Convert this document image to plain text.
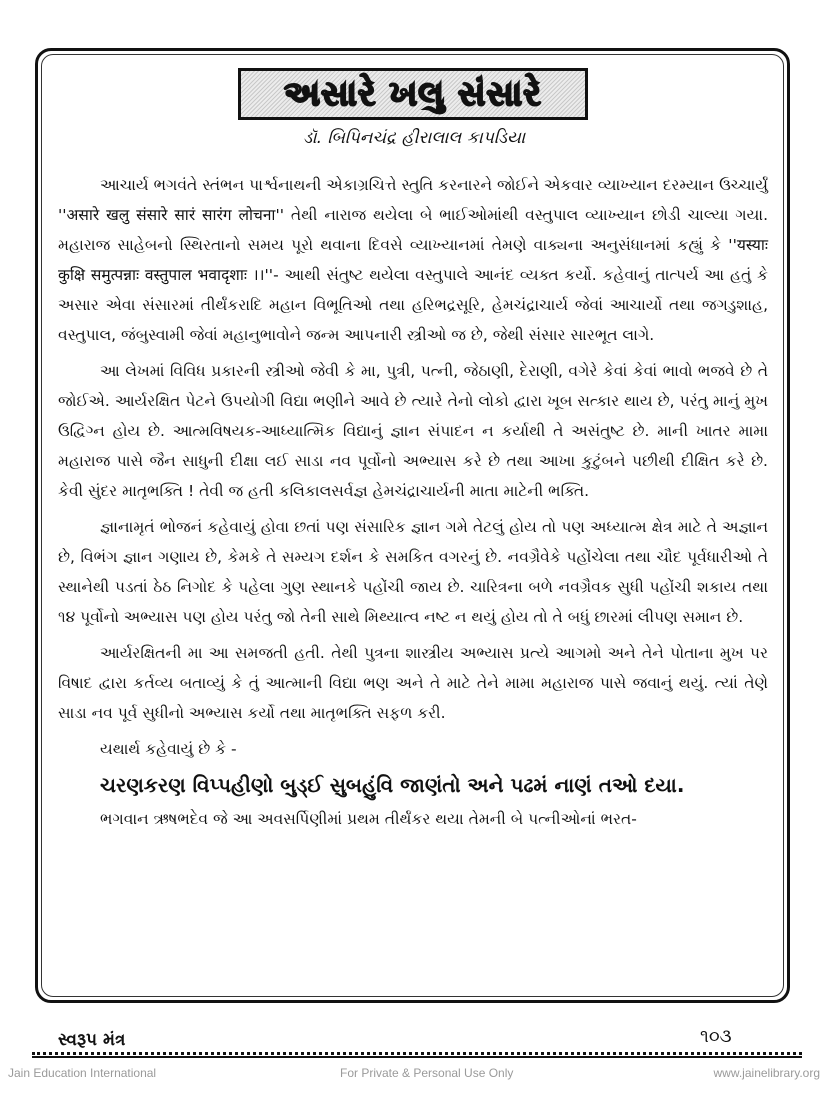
અસારે ખલુ સંસારે
ડૉ. બિપિનચંદ્ર હીરાલાલ કાપડિયા

આચાર્ય ભગવંતે સ્તંભન પાર્શ્વનાથની એકાગ્રચિત્તે સ્તુતિ કરનારને જોઈને એકવાર વ્યાખ્યાન દરમ્યાન ઉચ્ચાર્યું ''असारे खलु संसारे सारं सारंग लोचना'' તેથી નારાજ થયેલા બે ભાઈઓમાંથી વસ્તુપાલ વ્યાખ્યાન છોડી ચાલ્યા ગયા. મહારાજ સાહેબનો સ્થિરતાનો સમય પૂરો થવાના દિવસે વ્યાખ્યાનમાં તેમણે વાક્યના અનુસંધાનમાં કહ્યું કે ''यस्याः कुक्षि समुत्पन्नाः वस्तुपाल भवादृशाः ।।''- આથી સંતુષ્ટ થયેલા વસ્તુપાલે આનંદ વ્યક્ત કર્યો. કહેવાનું તાત્પર્ય આ હતું કે અસાર એવા સંસારમાં તીર્થંકરાદિ મહાન વિભૂતિઓ તથા હરિભદ્રસૂરિ, હેમચંદ્રાચાર્ય જેવાં આચાર્યો તથા જગડુશાહ, વસ્તુપાલ, જંબુસ્વામી જેવાં મહાનુભાવોને જન્મ આપનારી સ્ત્રીઓ જ છે, જેથી સંસાર સારભૂત લાગે.

આ લેખમાં વિવિધ પ્રકારની સ્ત્રીઓ જેવી કે મા, પુત્રી, પત્ની, જેઠાણી, દેરાણી, વગેરે કેવાં કેવાં ભાવો ભજવે છે તે જોઈએ. આર્યરક્ષિત પેટને ઉપયોગી વિદ્યા ભણીને આવે છે ત્યારે તેનો લોકો દ્વારા ખૂબ સત્કાર થાય છે, પરંતુ માનું મુખ ઉદ્વિગ્ન હોય છે. આત્મવિષયક-આધ્યાત્મિક વિદ્યાનું જ્ઞાન સંપાદન ન કર્યાથી તે અસંતુષ્ટ છે. માની ખાતર મામા મહારાજ પાસે જૈન સાધુની દીક્ષા લઈ સાડા નવ પૂર્વોનો અભ્યાસ કરે છે તથા આખા કુટુંબને પછીથી દીક્ષિત કરે છે. કેવી સુંદર માતૃભક્તિ ! તેવી જ હતી કલિકાલસર્વજ્ઞ હેમચંદ્રાચાર્યની માતા માટેની ભક્તિ.

જ્ઞાનામૃતં ભોજનં કહેવાયું હોવા છતાં પણ સંસારિક જ્ઞાન ગમે તેટલું હોય તો પણ અધ્યાત્મ ક્ષેત્ર માટે તે અજ્ઞાન છે, વિભંગ જ્ઞાન ગણાય છે, કેમકે તે સમ્યગ દર્શન કે સમકિત વગરનું છે. નવગ્રૈવેકે પહોંચેલા તથા ચૌદ પૂર્વધારીઓ તે સ્થાનેથી પડતાં ઠેઠ નિગોદ કે પહેલા ગુણ સ્થાનકે પહોંચી જાય છે. ચારિત્રના બળે નવગ્રૈવક સુધી પહોંચી શકાય તથા ૧૪ પૂર્વોનો અભ્યાસ પણ હોય પરંતુ જો તેની સાથે મિથ્યાત્વ નષ્ટ ન થયું હોય તો તે બધું છારમાં લીપણ સમાન છે.

આર્યરક્ષિતની મા આ સમજતી હતી. તેથી પુત્રના શાસ્ત્રીય અભ્યાસ પ્રત્યે આગમો અને તેને પોતાના મુખ પર વિષાદ દ્વારા કર્તવ્ય બતાવ્યું કે તું આત્માની વિદ્યા ભણ અને તે માટે તેને મામા મહારાજ પાસે જવાનું થયું. ત્યાં તેણે સાડા નવ પૂર્વ સુધીનો અભ્યાસ કર્યો તથા માતૃભક્તિ સફળ કરી.

યથાર્થ કહેવાયું છે કે -

ચરણકરણ વિપ્પહીણો બુડ્ઈ સુબહુંવિ જાણંતો અને પઢમં નાણં તઓ દયા.

ભગવાન ઋષભદેવ જે આ અવસર્પિણીમાં પ્રથમ તીર્થંકર થયા તેમની બે પત્નીઓનાં ભરત-

સ્વરૂપ મંત્ર	૧૦૩
Jain Education International	For Private & Personal Use Only	www.jainelibrary.org
